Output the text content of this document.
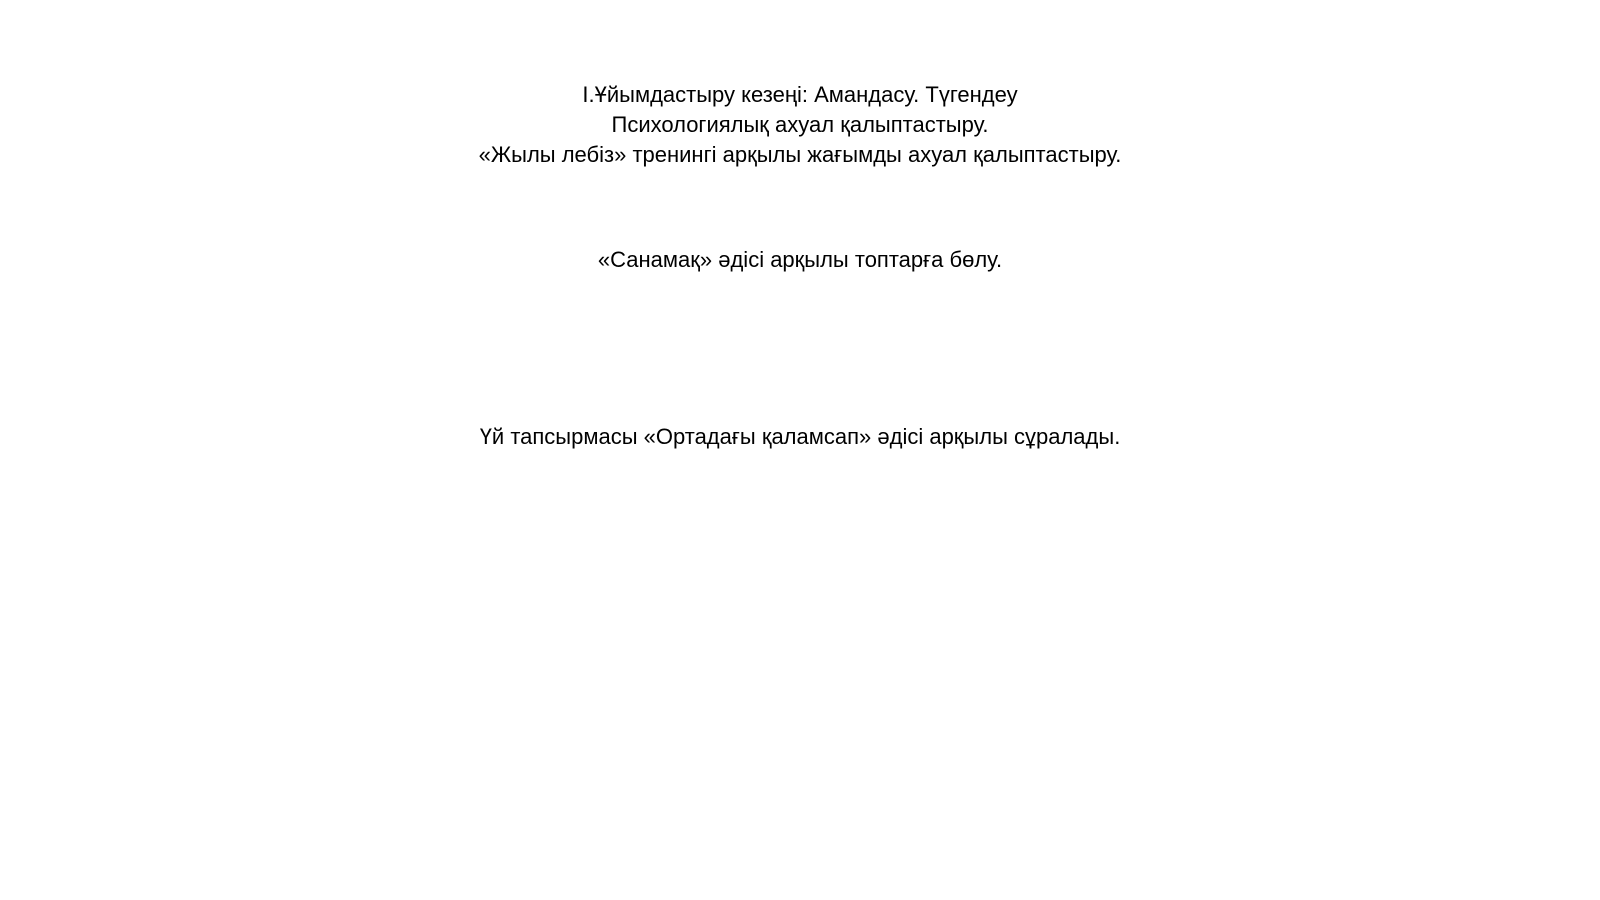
І.Ұйымдастыру кезеңі: Амандасу. Түгендеу
Психологиялық ахуал қалыптастыру.
«Жылы лебіз» тренингі арқылы жағымды ахуал қалыптастыру.
«Санамақ» әдісі арқылы топтарға бөлу.
Үй тапсырмасы «Ортадағы қаламсап» әдісі арқылы сұралады.
